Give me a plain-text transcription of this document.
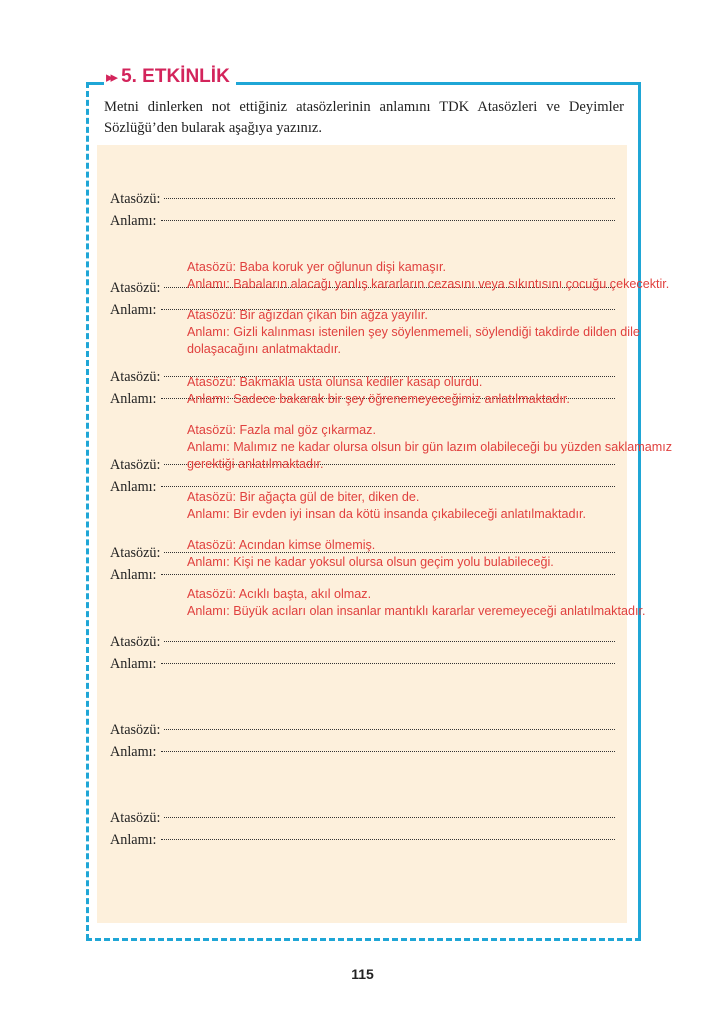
▸▸ 5. ETKİNLİK
Metni dinlerken not ettiğiniz atasözlerinin anlamını TDK Atasözleri ve Deyimler Sözlüğü’den bularak aşağıya yazınız.
Atasözü:
Anlamı:
Atasözü:
Anlamı:
Atasözü:
Anlamı:
Atasözü:
Anlamı:
Atasözü:
Anlamı:
Atasözü:
Anlamı:
Atasözü:
Anlamı:
Atasözü:
Anlamı:
Atasözü: Baba koruk yer oğlunun dişi kamaşır.
Anlamı: Babaların alacağı yanlış kararların cezasını veya sıkıntısını çocuğu çekecektir.
Atasözü: Bir ağızdan çıkan bin ağza yayılır.
Anlamı: Gizli kalınması istenilen şey söylenmemeli, söylendiği takdirde dilden dile dolaşacağını anlatmaktadır.
Atasözü: Bakmakla usta olunsa kediler kasap olurdu.
Anlamı: Sadece bakarak bir şey öğrenemeyeceğimiz anlatılmaktadır.
Atasözü: Fazla mal göz çıkarmaz.
Anlamı: Malımız ne kadar olursa olsun bir gün lazım olabileceği bu yüzden saklamamız gerektiği anlatılmaktadır.
Atasözü: Bir ağaçta gül de biter, diken de.
Anlamı: Bir evden iyi insan da kötü insanda çıkabileceği anlatılmaktadır.
Atasözü: Acından kimse ölmemiş.
Anlamı: Kişi ne kadar yoksul olursa olsun geçim yolu bulabileceği.
Atasözü: Acıklı başta, akıl olmaz.
Anlamı: Büyük acıları olan insanlar mantıklı kararlar veremeyeceği anlatılmaktadır.
115
